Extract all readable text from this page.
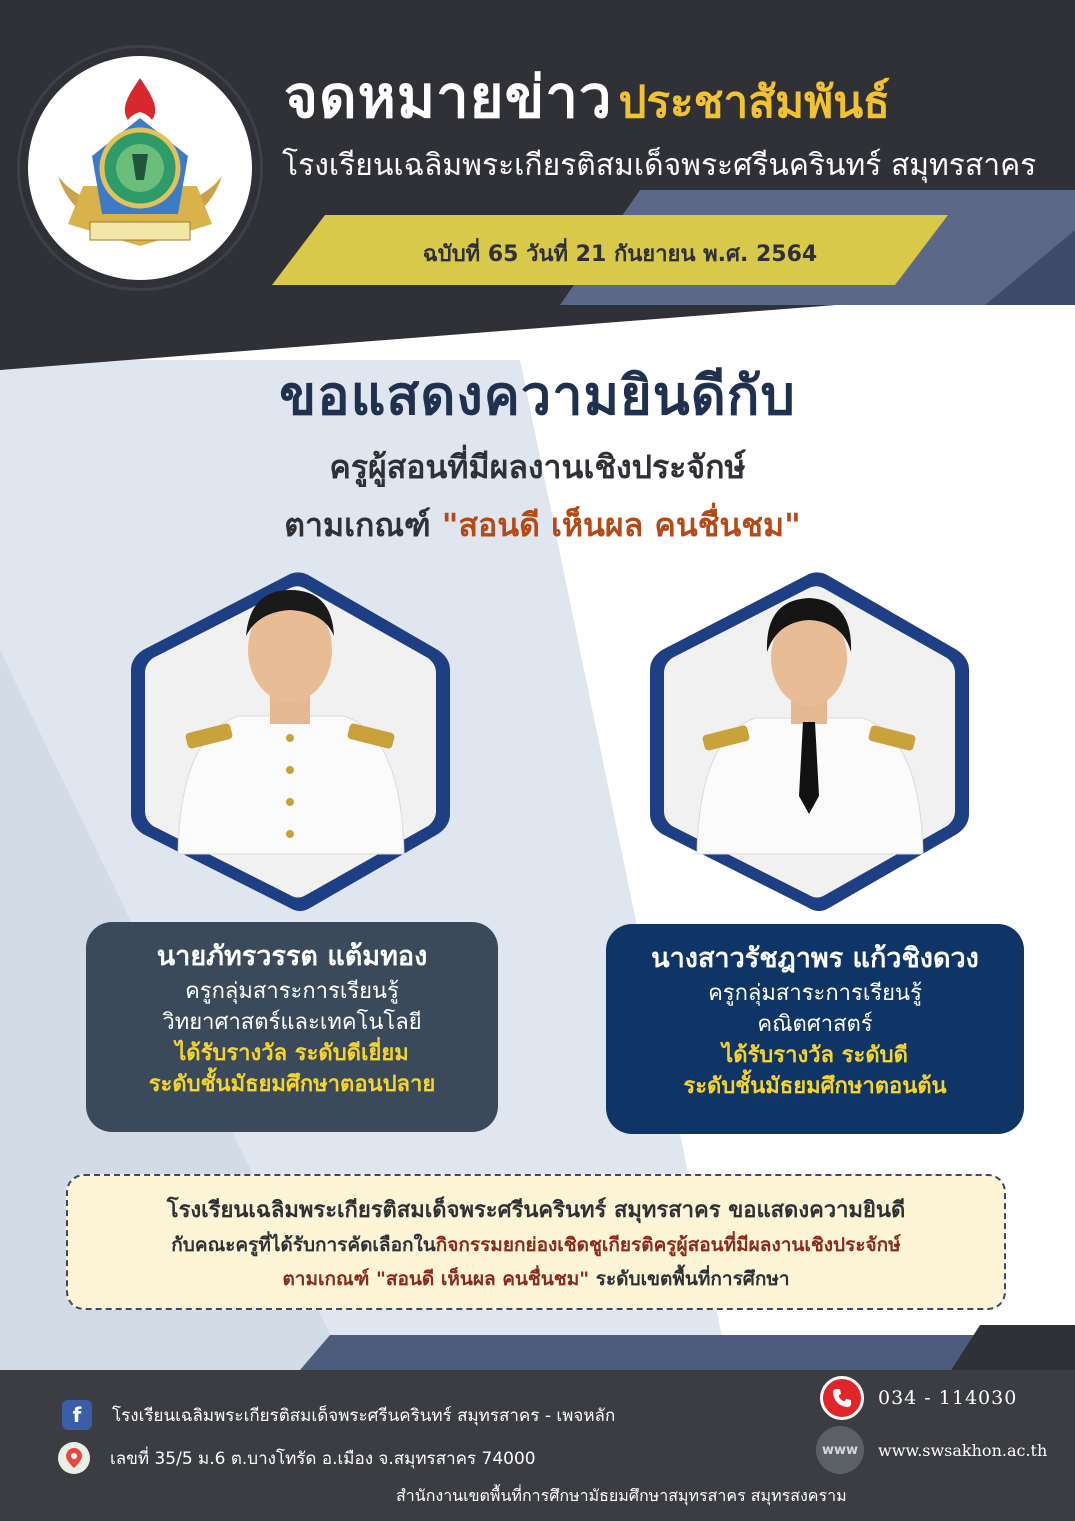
จดหมายข่าว ประชาสัมพันธ์
โรงเรียนเฉลิมพระเกียรติสมเด็จพระศรีนครินทร์ สมุทรสาคร
ฉบับที่ 65 วันที่ 21 กันยายน พ.ศ. 2564
ขอแสดงความยินดีกับ
ครูผู้สอนที่มีผลงานเชิงประจักษ์
ตามเกณฑ์ "สอนดี เห็นผล คนชื่นชม"
นายภัทรวรรต แต้มทอง
ครูกลุ่มสาระการเรียนรู้
วิทยาศาสตร์และเทคโนโลยี
ได้รับรางวัล ระดับดีเยี่ยม
ระดับชั้นมัธยมศึกษาตอนปลาย
นางสาวรัชฎาพร แก้วชิงดวง
ครูกลุ่มสาระการเรียนรู้
คณิตศาสตร์
ได้รับรางวัล ระดับดี
ระดับชั้นมัธยมศึกษาตอนต้น
โรงเรียนเฉลิมพระเกียรติสมเด็จพระศรีนครินทร์ สมุทรสาคร ขอแสดงความยินดี
กับคณะครูที่ได้รับการคัดเลือกในกิจกรรมยกย่องเชิดชูเกียรติครูผู้สอนที่มีผลงานเชิงประจักษ์
ตามเกณฑ์ "สอนดี เห็นผล คนชื่นชม" ระดับเขตพื้นที่การศึกษา
f	โรงเรียนเฉลิมพระเกียรติสมเด็จพระศรีนครินทร์ สมุทรสาคร - เพจหลัก
เลขที่ 35/5 ม.6 ต.บางโทรัด อ.เมือง จ.สมุทรสาคร 74000
สำนักงานเขตพื้นที่การศึกษามัธยมศึกษาสมุทรสาคร สมุทรสงคราม
034 - 114030
www	www.swsakhon.ac.th
